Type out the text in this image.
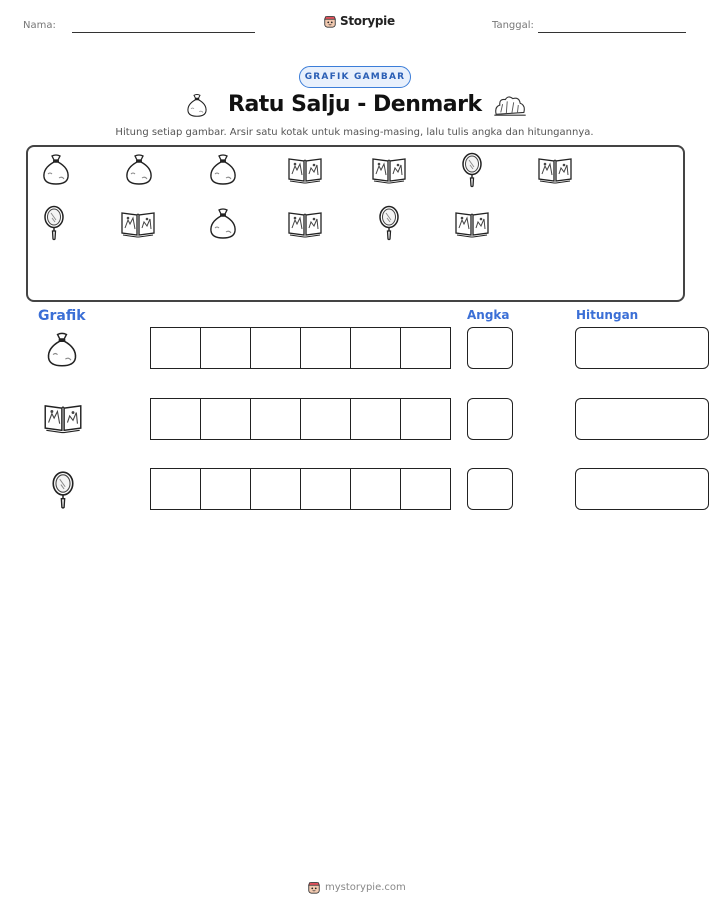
Nama:	Storypie	Tanggal:
GRAFIK GAMBAR
Ratu Salju - Denmark
Hitung setiap gambar. Arsir satu kotak untuk masing-masing, lalu tulis angka dan hitungannya.
Grafik	Angka	Hitungan
mystorypie.com
